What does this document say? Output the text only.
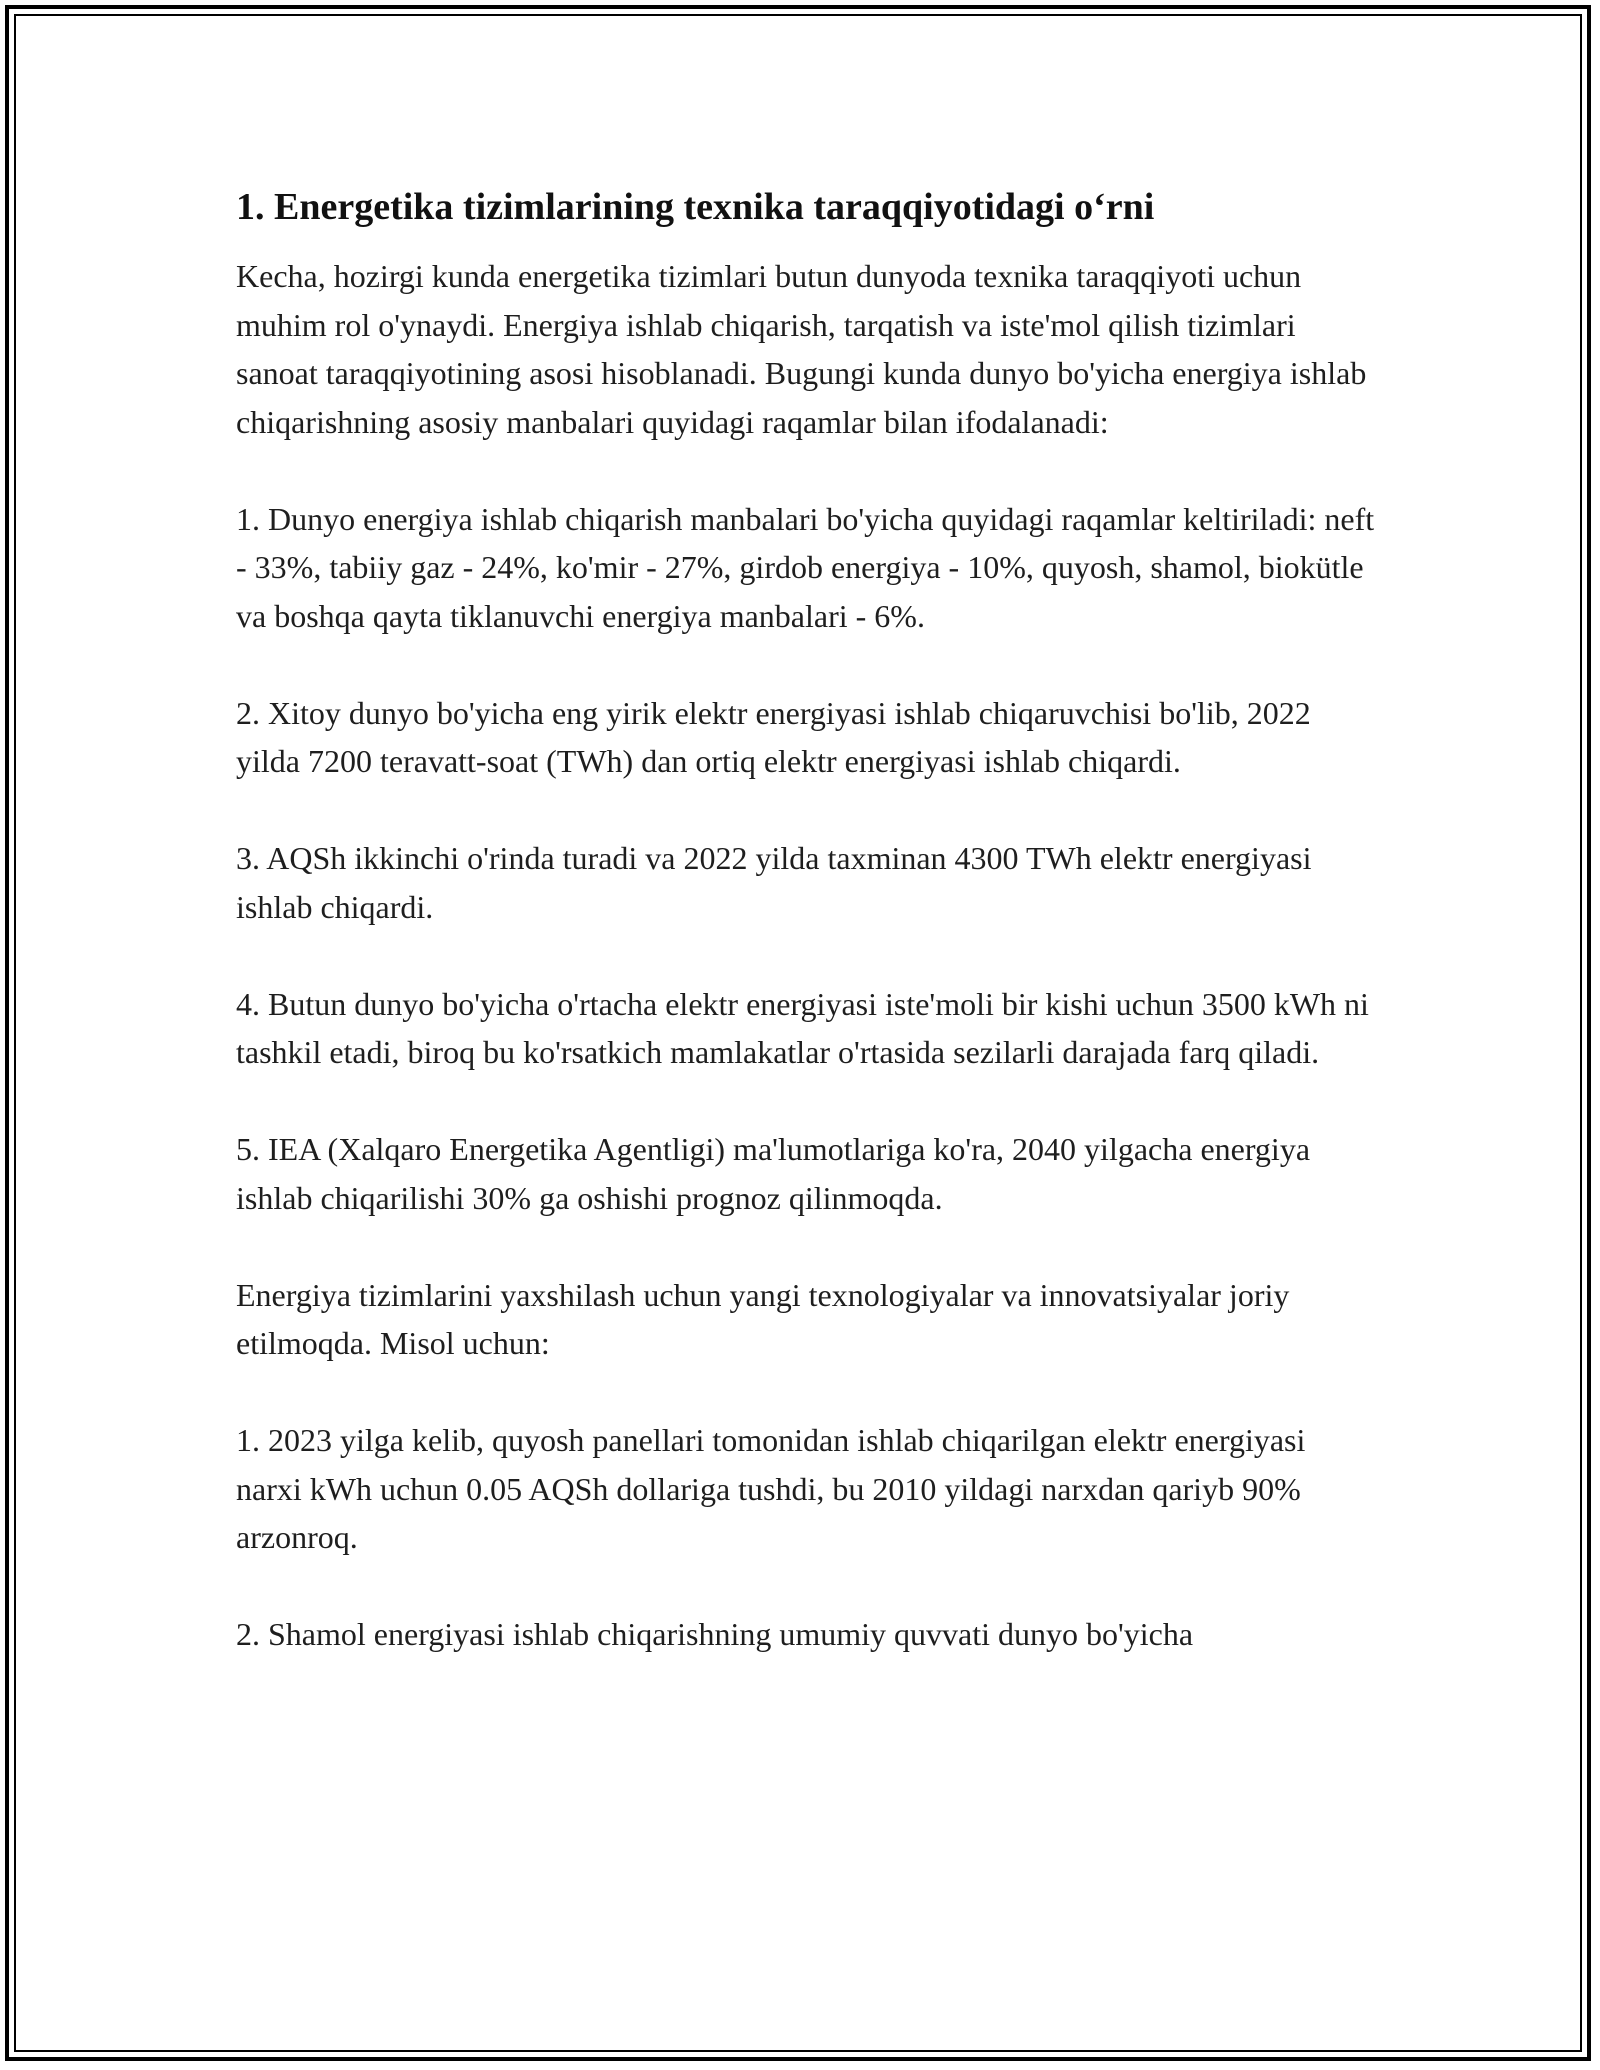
1. Energetika tizimlarining texnika taraqqiyotidagi o‘rni

Kecha, hozirgi kunda energetika tizimlari butun dunyoda texnika taraqqiyoti uchun muhim rol o'ynaydi. Energiya ishlab chiqarish, tarqatish va iste'mol qilish tizimlari sanoat taraqqiyotining asosi hisoblanadi. Bugungi kunda dunyo bo'yicha energiya ishlab chiqarishning asosiy manbalari quyidagi raqamlar bilan ifodalanadi:

1. Dunyo energiya ishlab chiqarish manbalari bo'yicha quyidagi raqamlar keltiriladi: neft - 33%, tabiiy gaz - 24%, ko'mir - 27%, girdob energiya - 10%, quyosh, shamol, biokütle va boshqa qayta tiklanuvchi energiya manbalari - 6%.

2. Xitoy dunyo bo'yicha eng yirik elektr energiyasi ishlab chiqaruvchisi bo'lib, 2022 yilda 7200 teravatt-soat (TWh) dan ortiq elektr energiyasi ishlab chiqardi.

3. AQSh ikkinchi o'rinda turadi va 2022 yilda taxminan 4300 TWh elektr energiyasi ishlab chiqardi.

4. Butun dunyo bo'yicha o'rtacha elektr energiyasi iste'moli bir kishi uchun 3500 kWh ni tashkil etadi, biroq bu ko'rsatkich mamlakatlar o'rtasida sezilarli darajada farq qiladi.

5. IEA (Xalqaro Energetika Agentligi) ma'lumotlariga ko'ra, 2040 yilgacha energiya ishlab chiqarilishi 30% ga oshishi prognoz qilinmoqda.

Energiya tizimlarini yaxshilash uchun yangi texnologiyalar va innovatsiyalar joriy etilmoqda. Misol uchun:

1. 2023 yilga kelib, quyosh panellari tomonidan ishlab chiqarilgan elektr energiyasi narxi kWh uchun 0.05 AQSh dollariga tushdi, bu 2010 yildagi narxdan qariyb 90% arzonroq.

2. Shamol energiyasi ishlab chiqarishning umumiy quvvati dunyo bo'yicha
